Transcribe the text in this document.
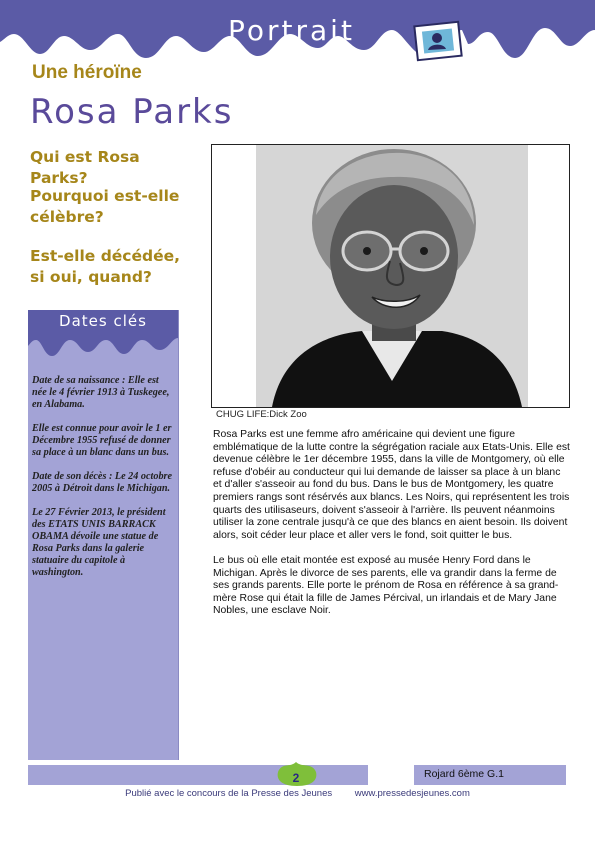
Portrait
Une héroïne
Rosa Parks
Qui est Rosa Parks?
Pourquoi est-elle célèbre?
Est-elle décédée, si oui, quand?
Dates clés

Date de sa naissance : Elle est née le 4 février 1913 à Tuskegee, en Alabama.

Elle est connue pour avoir le 1 er Décembre 1955 refusé de donner sa place à un blanc dans un bus.

Date de son décès : Le 24 octobre 2005 à Détroit dans le Michigan.

Le 27 Février 2013, le président des ETATS UNIS BARRACK OBAMA dévoile une statue de Rosa Parks dans la galerie statuaire du capitole à washington.

CHUG LIFE:Dick Zoo

Rosa Parks est une femme afro américaine qui devient une figure emblématique de la lutte contre la ségrégation raciale aux Etats-Unis. Elle est devenue célèbre le 1er décembre 1955, dans la ville de Montgomery, où elle refuse d'obéir au conducteur qui lui demande de laisser sa place à un blanc et d'aller s'asseoir au fond du bus. Dans le bus de Montgomery, les quatre premiers rangs sont résérvés aux blancs. Les Noirs, qui représentent les trois quarts des utilisaseurs, doivent s'asseoir à l'arrière. Ils peuvent néanmoins utiliser la zone centrale jusqu'à ce que des blancs en aient besoin. Ils doivent alors, soit céder leur place et aller vers le fond, soit quitter le bus.

Le bus où elle etait montée est exposé au musée Henry Ford dans le Michigan. Après le divorce de ses parents, elle va grandir dans la ferme de ses grands parents. Elle porte le prénom de Rosa en référence à sa grand-mère Rose qui était la fille de James Pércival, un irlandais et de Mary Jane Nobles, une esclave Noir.

Rojard 6ème G.1
2
Publié avec le concours de la Presse des Jeunes www.pressedesjeunes.com
